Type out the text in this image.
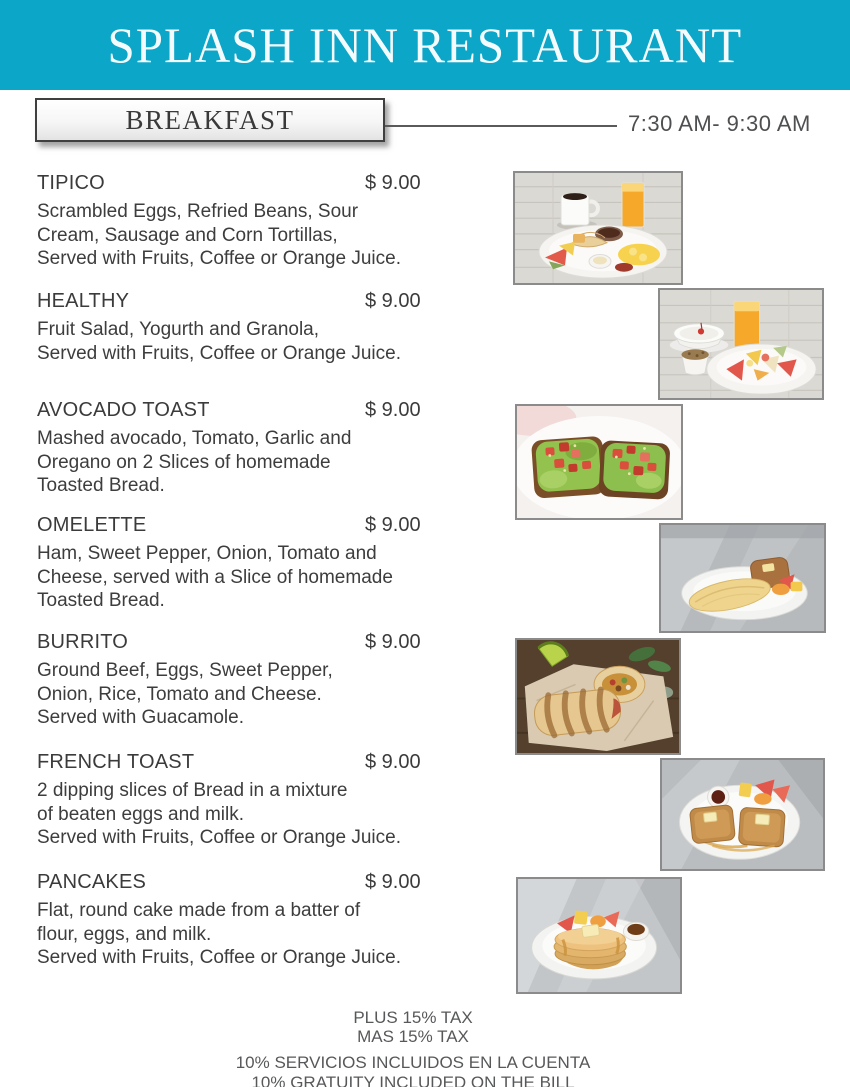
SPLASH INN RESTAURANT
BREAKFAST	7:30 AM- 9:30 AM
TIPICO	$ 9.00
Scrambled Eggs, Refried Beans, Sour
Cream, Sausage and Corn Tortillas,
Served with Fruits, Coffee or Orange Juice.
HEALTHY	$ 9.00
Fruit Salad, Yogurth and Granola,
Served with Fruits, Coffee or Orange Juice.
AVOCADO TOAST	$ 9.00
Mashed avocado, Tomato, Garlic and
Oregano on 2 Slices of homemade
Toasted Bread.
OMELETTE	$ 9.00
Ham, Sweet Pepper, Onion, Tomato and
Cheese, served with a Slice of homemade
Toasted Bread.
BURRITO	$ 9.00
Ground Beef, Eggs, Sweet Pepper,
Onion, Rice, Tomato and Cheese.
Served with Guacamole.
FRENCH TOAST	$ 9.00
2 dipping slices of Bread in a mixture
of beaten eggs and milk.
Served with Fruits, Coffee or Orange Juice.
PANCAKES	$ 9.00
Flat, round cake made from a batter of
flour, eggs, and milk.
Served with Fruits, Coffee or Orange Juice.
PLUS 15% TAX
MAS 15% TAX
10% SERVICIOS INCLUIDOS EN LA CUENTA
10% GRATUITY INCLUDED ON THE BILL
